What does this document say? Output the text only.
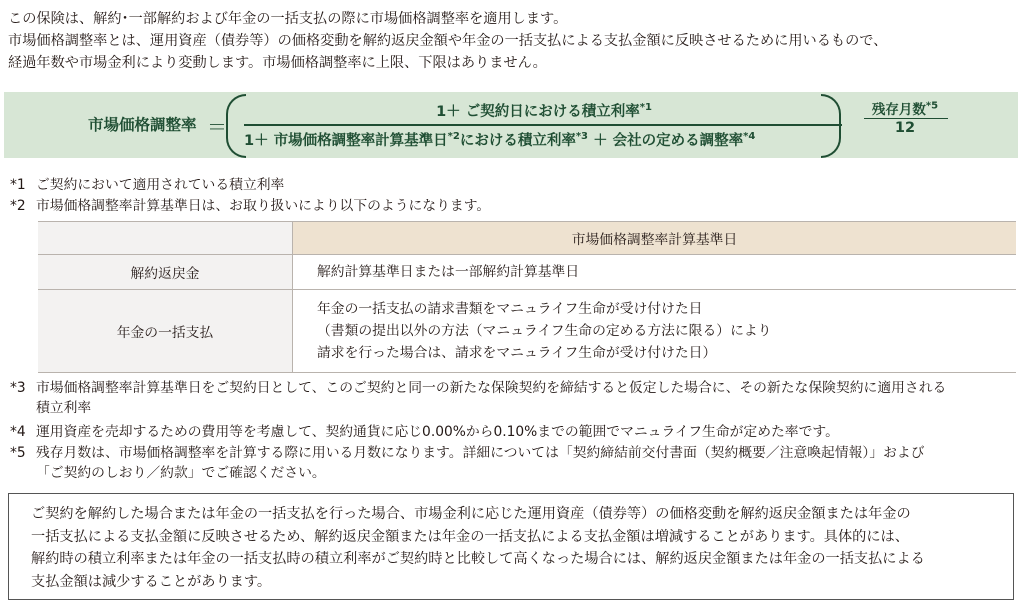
この保険は、解約･一部解約および年金の一括支払の際に市場価格調整率を適用します。

市場価格調整率とは、運用資産（債券等）の価格変動を解約返戻金額や年金の一括支払による支払金額に反映させるために用いるもので、

経過年数や市場金利により変動します。市場価格調整率に上限、下限はありません。

市場価格調整率 ＝
1＋ ご契約日における積立利率$^{*1}$
1＋ 市場価格調整率計算基準日$^{*2}$における積立利率$^{*3}$ ＋ 会社の定める調整率$^{*4}$
残存月数$^{*5}$
12
*1 ご契約において適用されている積立利率
*2 市場価格調整率計算基準日は、お取り扱いにより以下のようになります。
	市場価格調整率計算基準日
解約返戻金	解約計算基準日または一部解約計算基準日
年金の一括支払	年金の一括支払の請求書類をマニュライフ生命が受け付けた日
（書類の提出以外の方法（マニュライフ生命の定める方法に限る）により
請求を行った場合は、請求をマニュライフ生命が受け付けた日）
*3 市場価格調整率計算基準日をご契約日として、このご契約と同一の新たな保険契約を締結すると仮定した場合に、その新たな保険契約に適用される
積立利率
*4 運用資産を売却するための費用等を考慮して、契約通貨に応じ0.00%から0.10%までの範囲でマニュライフ生命が定めた率です。
*5 残存月数は、市場価格調整率を計算する際に用いる月数になります。詳細については「契約締結前交付書面（契約概要／注意喚起情報）」および
「ご契約のしおり／約款」でご確認ください。

ご契約を解約した場合または年金の一括支払を行った場合、市場金利に応じた運用資産（債券等）の価格変動を解約返戻金額または年金の
一括支払による支払金額に反映させるため、解約返戻金額または年金の一括支払による支払金額は増減することがあります。具体的には、
解約時の積立利率または年金の一括支払時の積立利率がご契約時と比較して高くなった場合には、解約返戻金額または年金の一括支払による
支払金額は減少することがあります。
